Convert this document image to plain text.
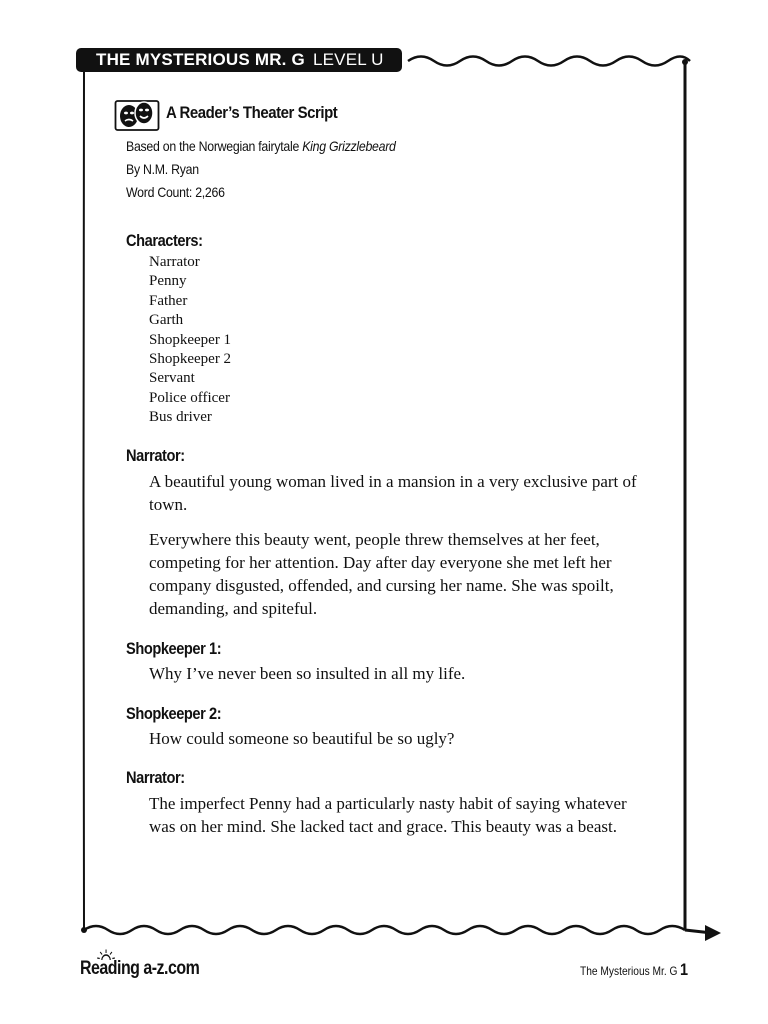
THE MYSTERIOUS MR. G LEVEL U
A Reader’s Theater Script
Based on the Norwegian fairytale King Grizzlebeard
By N.M. Ryan
Word Count: 2,266
Characters:
Narrator
Penny
Father
Garth
Shopkeeper 1
Shopkeeper 2
Servant
Police officer
Bus driver
Narrator:

A beautiful young woman lived in a mansion in a very exclusive part of town.

Everywhere this beauty went, people threw themselves at her feet, competing for her attention. Day after day everyone she met left her company disgusted, offended, and cursing her name. She was spoilt, demanding, and spiteful.

Shopkeeper 1:

Why I’ve never been so insulted in all my life.

Shopkeeper 2:

How could someone so beautiful be so ugly?

Narrator:

The imperfect Penny had a particularly nasty habit of saying whatever was on her mind. She lacked tact and grace. This beauty was a beast.

Reading a-z.com	The Mysterious Mr. G 1
